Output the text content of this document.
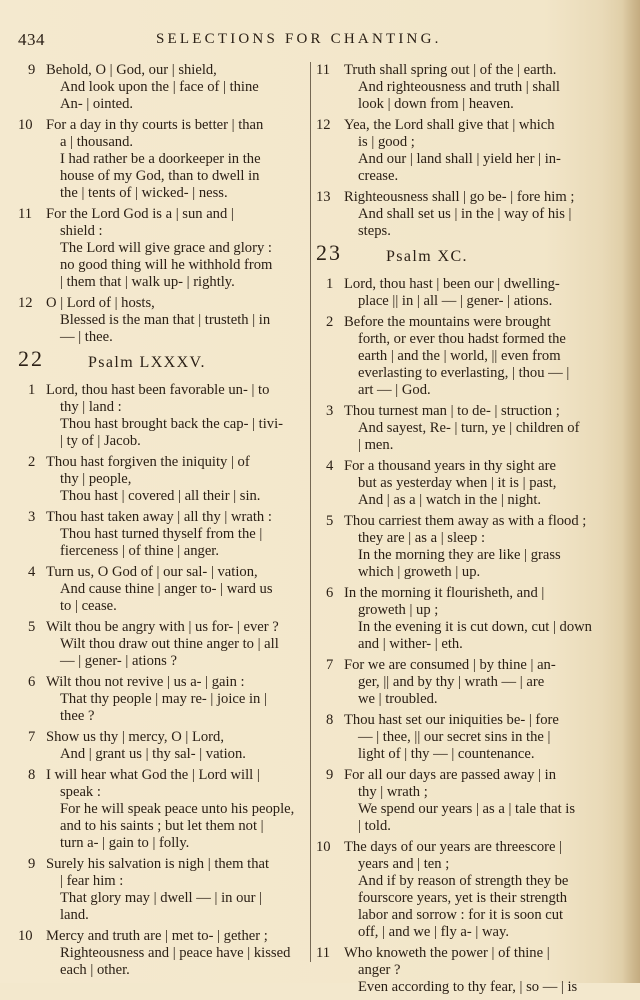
434	SELECTIONS FOR CHANTING.
9 Behold, O | God, our | shield,
And look upon the | face of | thine
An- | ointed.
10 For a day in thy courts is better | than
a | thousand.
I had rather be a doorkeeper in the
house of my God, than to dwell in
the | tents of | wicked- | ness.
11 For the Lord God is a | sun and |
shield :
The Lord will give grace and glory :
no good thing will he withhold from
| them that | walk up- | rightly.
12 O | Lord of | hosts,
Blessed is the man that | trusteth | in
— | thee.
22	Psalm LXXXV.
1 Lord, thou hast been favorable un- | to
thy | land :
Thou hast brought back the cap- | tivi-
| ty of | Jacob.
2 Thou hast forgiven the iniquity | of
thy | people,
Thou hast | covered | all their | sin.
3 Thou hast taken away | all thy | wrath :
Thou hast turned thyself from the |
fierceness | of thine | anger.
4 Turn us, O God of | our sal- | vation,
And cause thine | anger to- | ward us
to | cease.
5 Wilt thou be angry with | us for- | ever ?
Wilt thou draw out thine anger to | all
— | gener- | ations ?
6 Wilt thou not revive | us a- | gain :
That thy people | may re- | joice in |
thee ?
7 Show us thy | mercy, O | Lord,
And | grant us | thy sal- | vation.
8 I will hear what God the | Lord will |
speak :
For he will speak peace unto his people,
and to his saints ; but let them not |
turn a- | gain to | folly.
9 Surely his salvation is nigh | them that
| fear him :
That glory may | dwell — | in our |
land.
10 Mercy and truth are | met to- | gether ;
Righteousness and | peace have | kissed
each | other.
11 Truth shall spring out | of the | earth.
And righteousness and truth | shall
look | down from | heaven.
12 Yea, the Lord shall give that | which
is | good ;
And our | land shall | yield her | in-
crease.
13 Righteousness shall | go be- | fore him ;
And shall set us | in the | way of his |
steps.
23	Psalm XC.
1 Lord, thou hast | been our | dwelling-
place || in | all — | gener- | ations.
2 Before the mountains were brought
forth, or ever thou hadst formed the
earth | and the | world, || even from
everlasting to everlasting, | thou — |
art — | God.
3 Thou turnest man | to de- | struction ;
And sayest, Re- | turn, ye | children of
| men.
4 For a thousand years in thy sight are
but as yesterday when | it is | past,
And | as a | watch in the | night.
5 Thou carriest them away as with a flood ;
they are | as a | sleep :
In the morning they are like | grass
which | groweth | up.
6 In the morning it flourisheth, and |
groweth | up ;
In the evening it is cut down, cut | down
and | wither- | eth.
7 For we are consumed | by thine | an-
ger, || and by thy | wrath — | are
we | troubled.
8 Thou hast set our iniquities be- | fore
— | thee, || our secret sins in the |
light of | thy — | countenance.
9 For all our days are passed away | in
thy | wrath ;
We spend our years | as a | tale that is
| told.
10 The days of our years are threescore |
years and | ten ;
And if by reason of strength they be
fourscore years, yet is their strength
labor and sorrow : for it is soon cut
off, | and we | fly a- | way.
11 Who knoweth the power | of thine |
anger ?
Even according to thy fear, | so — | is
